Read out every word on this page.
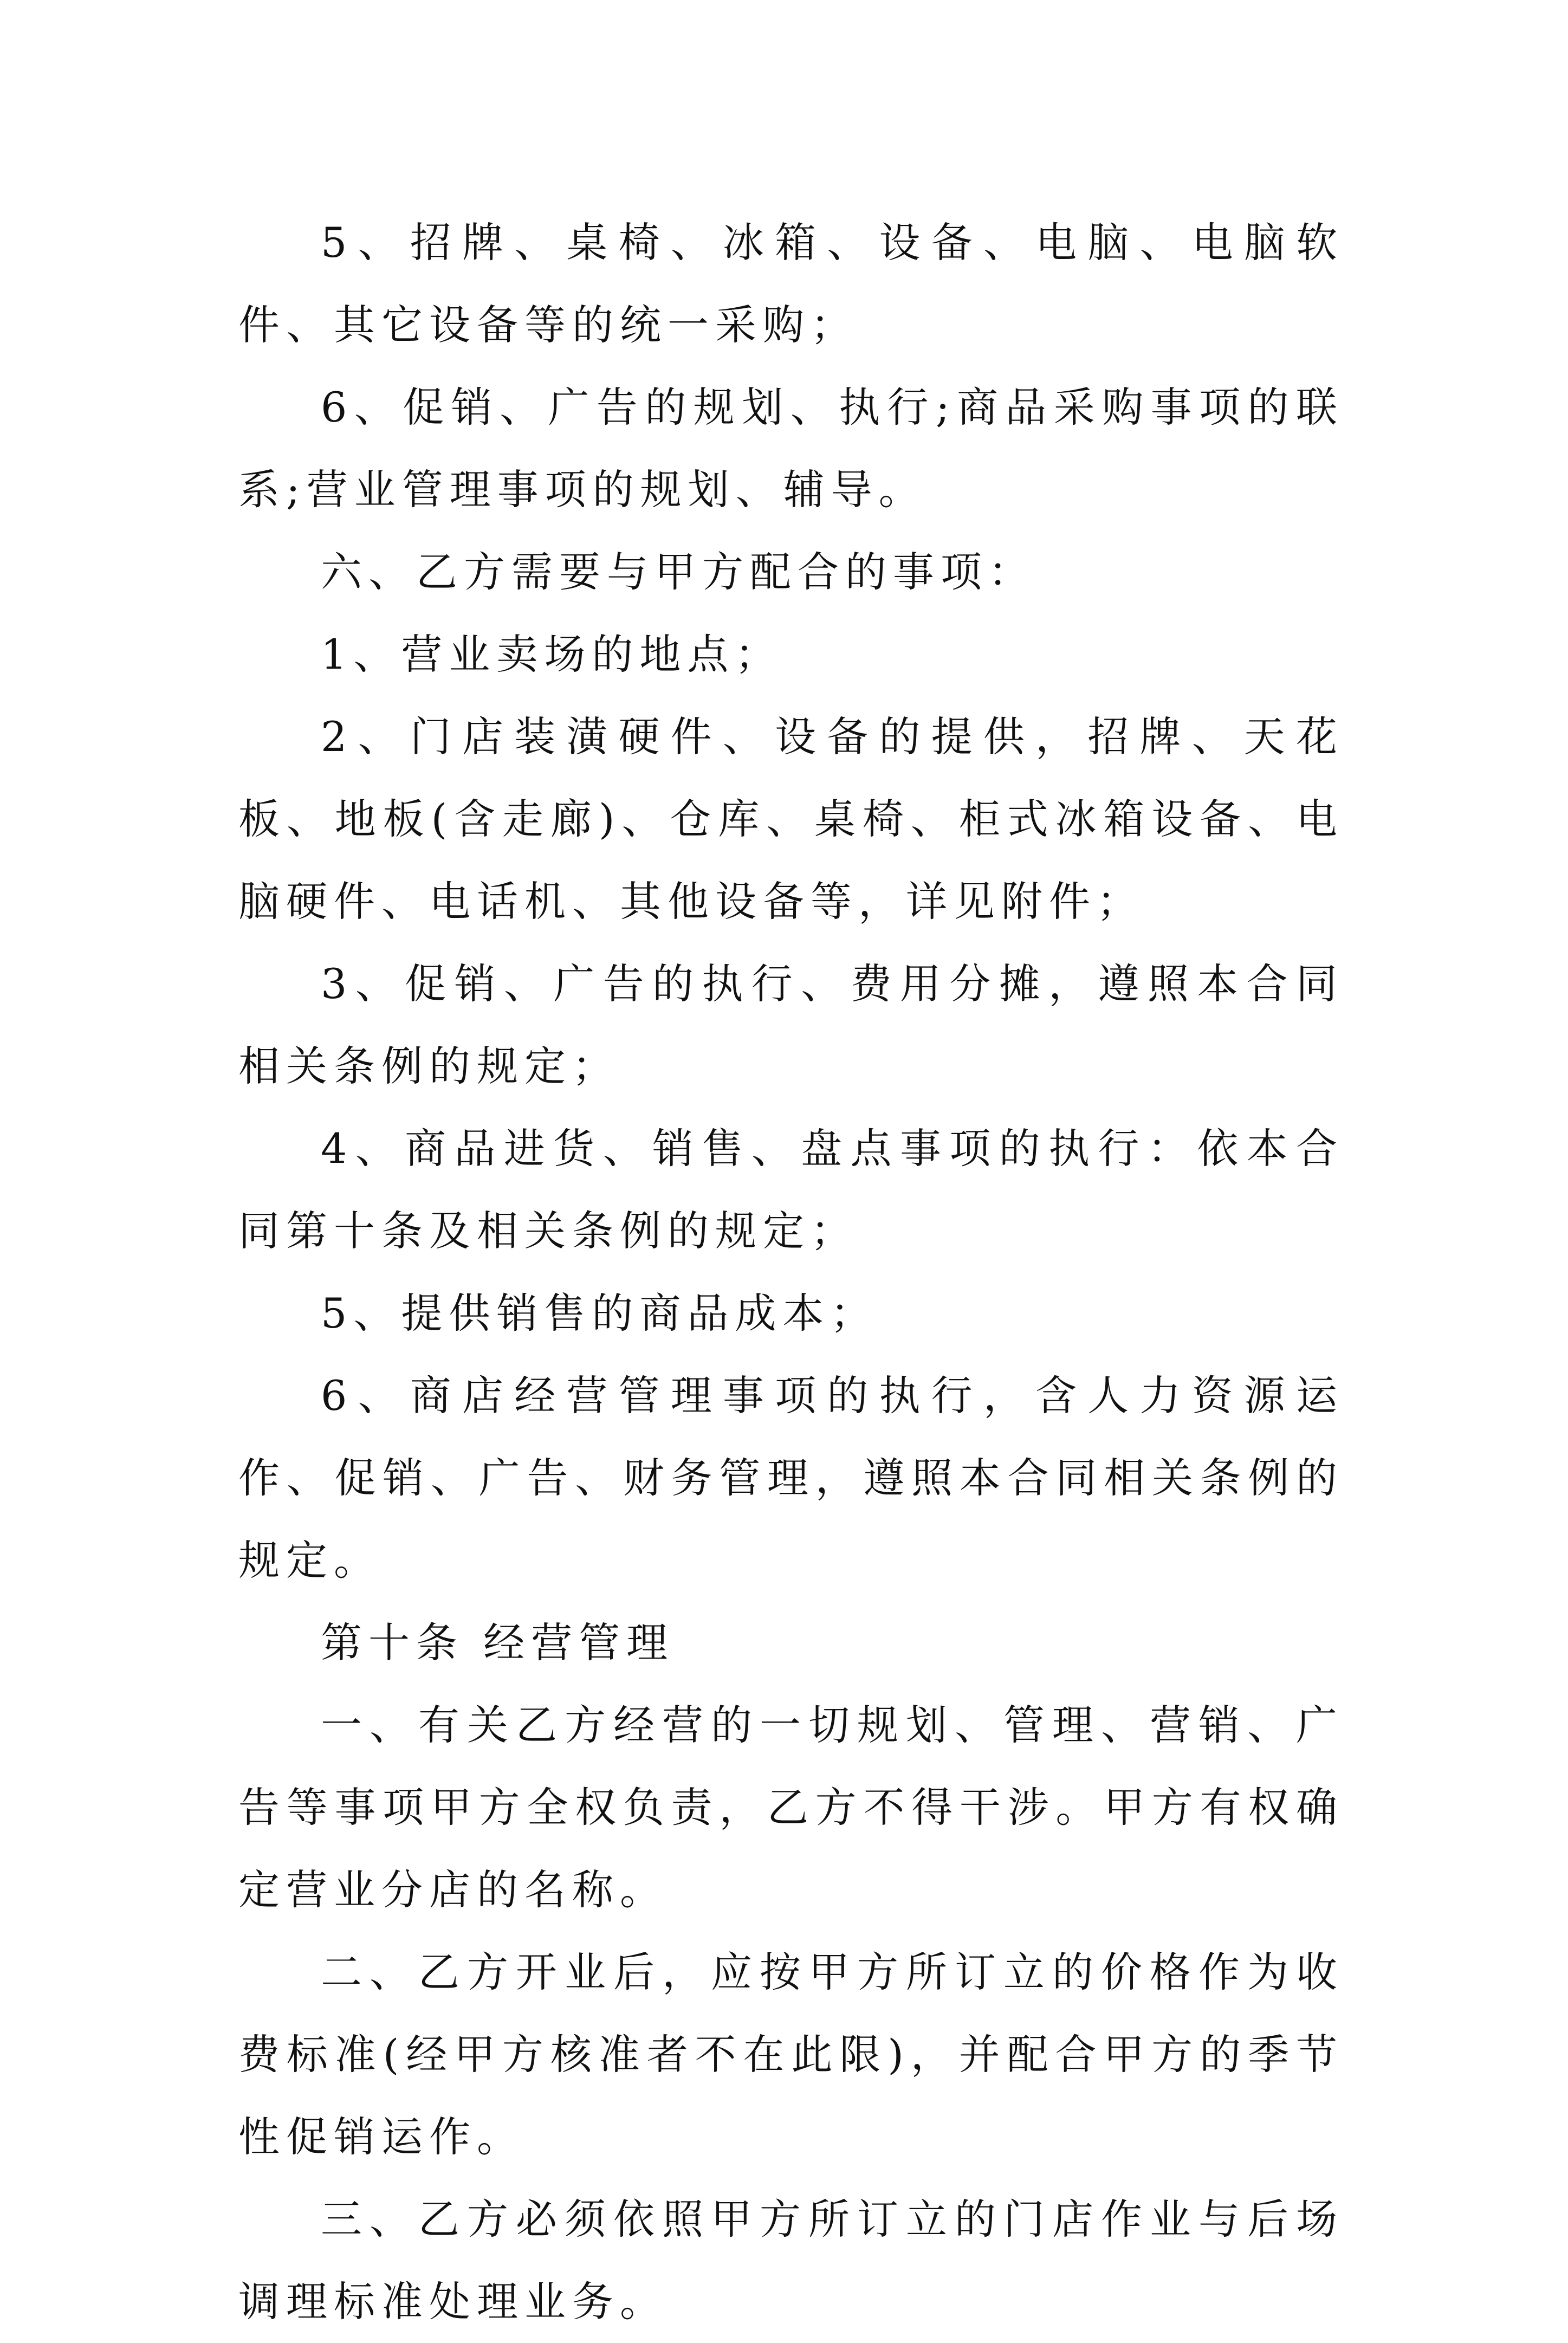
5、招牌、桌椅、冰箱、设备、电脑、电脑软件、其它设备等的统一采购；

6、促销、广告的规划、执行;商品采购事项的联系;营业管理事项的规划、辅导。

六、乙方需要与甲方配合的事项：

1、营业卖场的地点；

2、门店装潢硬件、设备的提供，招牌、天花板、地板(含走廊)、仓库、桌椅、柜式冰箱设备、电脑硬件、电话机、其他设备等，详见附件；

3、促销、广告的执行、费用分摊，遵照本合同相关条例的规定；

4、商品进货、销售、盘点事项的执行：依本合同第十条及相关条例的规定；

5、提供销售的商品成本；

6、商店经营管理事项的执行，含人力资源运作、促销、广告、财务管理，遵照本合同相关条例的规定。

第十条 经营管理

一、有关乙方经营的一切规划、管理、营销、广告等事项甲方全权负责，乙方不得干涉。甲方有权确定营业分店的名称。

二、乙方开业后，应按甲方所订立的价格作为收费标准(经甲方核准者不在此限)，并配合甲方的季节性促销运作。

三、乙方必须依照甲方所订立的门店作业与后场调理标准处理业务。
